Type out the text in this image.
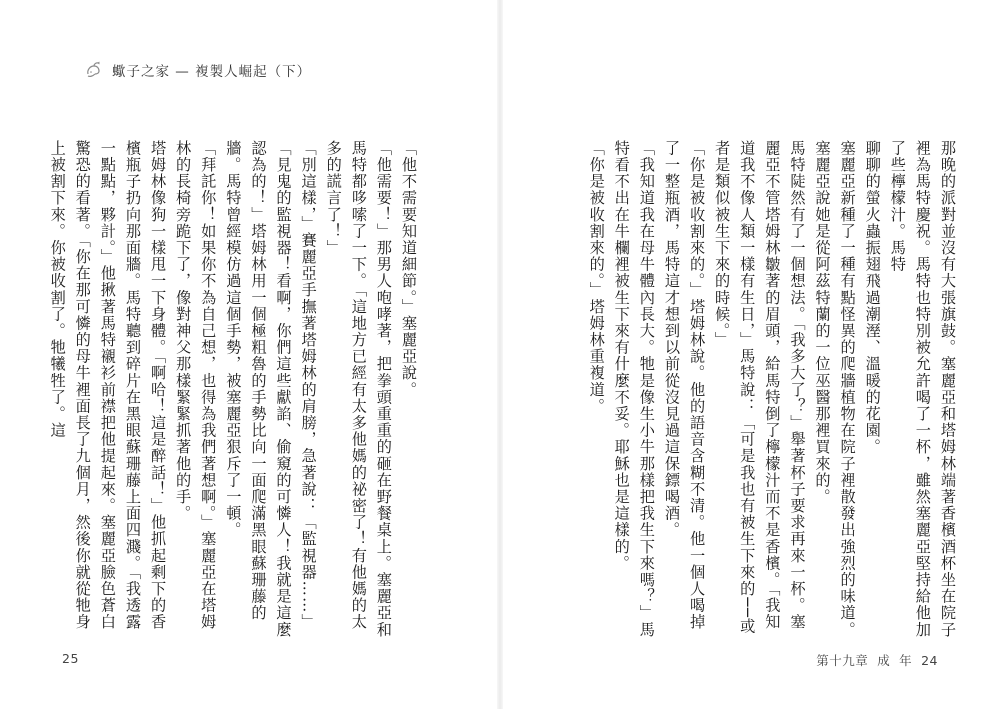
蠍子之家 — 複製人崛起（下）

「他不需要知道細節。」塞麗亞說。

「他需要！」那男人咆哮著，把拳頭重重的砸在野餐桌上。塞麗亞和馬特都哆嗦了一下。「這地方已經有太多他媽的祕密了！有他媽的太多的謊言了！」

「別這樣，」賽麗亞手撫著塔姆林的肩膀，急著說：「監視器……」

「見鬼的監視器！看啊，你們這些獻諂、偷窺的可憐人！我就是這麼認為的！」塔姆林用一個極粗魯的手勢比向一面爬滿黑眼蘇珊藤的牆。馬特曾經模仿過這個手勢，被塞麗亞狠斥了一頓。

「拜託你！如果你不為自己想，也得為我們著想啊。」塞麗亞在塔姆林的長椅旁跪下了，像對神父那樣緊緊抓著他的手。

塔姆林像狗一樣甩一下身體。「啊哈！這是醉話！」他抓起剩下的香檳瓶子扔向那面牆。馬特聽到碎片在黑眼蘇珊藤上面四濺。「我透露一點點，夥計。」他揪著馬特襯衫前襟把他提起來。塞麗亞臉色蒼白驚恐的看著。「你在那可憐的母牛裡面長了九個月，然後你就從牠身上被割下來。你被收割了。牠犧牲了。這

25

那晚的派對並沒有大張旗鼓。塞麗亞和塔姆林端著香檳酒杯坐在院子裡為馬特慶祝。馬特也特別被允許喝了一杯，雖然塞麗亞堅持給他加了些檸檬汁。馬特

聊聊的螢火蟲振翅飛過潮溼、溫暖的花園。

塞麗亞新種了一種有點怪異的爬牆植物在院子裡散發出強烈的味道。塞麗亞說她是從阿茲特蘭的一位巫醫那裡買來的。

馬特陡然有了一個想法。「我多大了？」舉著杯子要求再來一杯。塞麗亞不管塔姆林皺著的眉頭，給馬特倒了檸檬汁而不是香檳。「我知道我不像人類一樣有生日，」馬特說：「可是我也有被生下來的──或者是類似被生下來的時候。」

「你是被收割來的。」塔姆林說。他的語音含糊不清。他一個人喝掉了一整瓶酒，馬特這才想到以前從沒見過這保鏢喝酒。

「我知道我在母牛體內長大。牠是像生小牛那樣把我生下來嗎？」馬特看不出在牛欄裡被生下來有什麼不妥。耶穌也是這樣的。

「你是被收割來的。」塔姆林重複道。

第十九章  成  年  24
